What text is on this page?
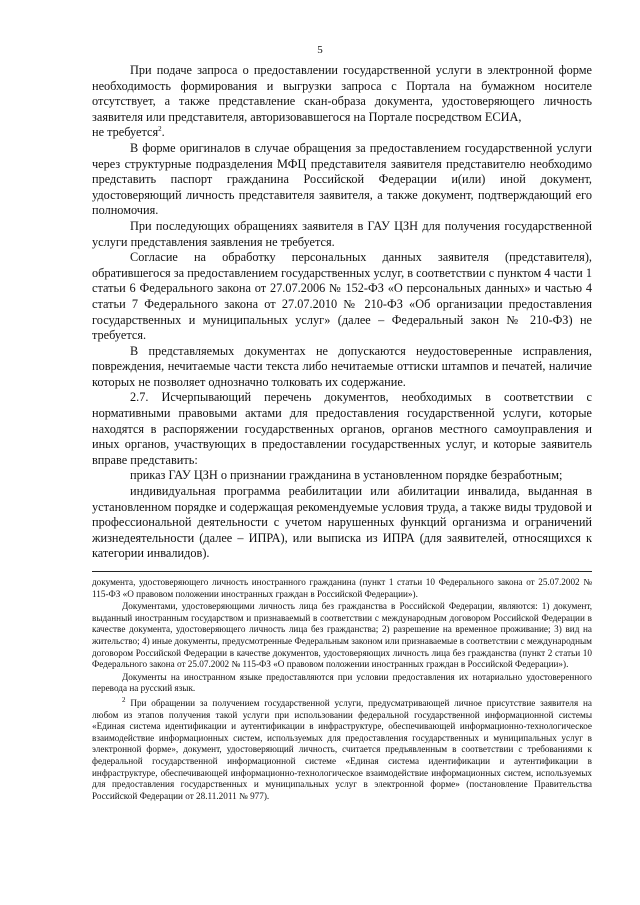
5

При подаче запроса о предоставлении государственной услуги в электронной форме необходимость формирования и выгрузки запроса с Портала на бумажном носителе отсутствует, а также представление скан-образа документа, удостоверяющего личность заявителя или представителя, авторизовавшегося на Портале посредством ЕСИА,

не требуется$^2$.

В форме оригиналов в случае обращения за предоставлением государственной услуги через структурные подразделения МФЦ представителя заявителя представителю необходимо представить паспорт гражданина Российской Федерации и(или) иной документ, удостоверяющий личность представителя заявителя, а также документ, подтверждающий его полномочия.

При последующих обращениях заявителя в ГАУ ЦЗН для получения государственной услуги представления заявления не требуется.

Согласие на обработку персональных данных заявителя (представителя), обратившегося за предоставлением государственных услуг, в соответствии с пунктом 4 части 1 статьи 6 Федерального закона от 27.07.2006 № 152-ФЗ «О персональных данных» и частью 4 статьи 7 Федерального закона от 27.07.2010 № 210-ФЗ «Об организации предоставления государственных и муниципальных услуг» (далее – Федеральный закон № 210-ФЗ) не требуется.

В представляемых документах не допускаются неудостоверенные исправления, повреждения, нечитаемые части текста либо нечитаемые оттиски штампов и печатей, наличие которых не позволяет однозначно толковать их содержание.

2.7. Исчерпывающий перечень документов, необходимых в соответствии с нормативными правовыми актами для предоставления государственной услуги, которые находятся в распоряжении государственных органов, органов местного самоуправления и иных органов, участвующих в предоставлении государственных услуг, и которые заявитель вправе представить:

приказ ГАУ ЦЗН о признании гражданина в установленном порядке безработным;

индивидуальная программа реабилитации или абилитации инвалида, выданная в установленном порядке и содержащая рекомендуемые условия труда, а также виды трудовой и профессиональной деятельности с учетом нарушенных функций организма и ограничений жизнедеятельности (далее – ИПРА), или выписка из ИПРА (для заявителей, относящихся к категории инвалидов).

документа, удостоверяющего личность иностранного гражданина (пункт 1 статьи 10 Федерального закона от 25.07.2002 № 115-ФЗ «О правовом положении иностранных граждан в Российской Федерации»).

Документами, удостоверяющими личность лица без гражданства в Российской Федерации, являются: 1) документ, выданный иностранным государством и признаваемый в соответствии с международным договором Российской Федерации в качестве документа, удостоверяющего личность лица без гражданства; 2) разрешение на временное проживание; 3) вид на жительство; 4) иные документы, предусмотренные Федеральным законом или признаваемые в соответствии с международным договором Российской Федерации в качестве документов, удостоверяющих личность лица без гражданства (пункт 2 статьи 10 Федерального закона от 25.07.2002 № 115-ФЗ «О правовом положении иностранных граждан в Российской Федерации»).

Документы на иностранном языке предоставляются при условии предоставления их нотариально удостоверенного перевода на русский язык.

$^2$ При обращении за получением государственной услуги, предусматривающей личное присутствие заявителя на любом из этапов получения такой услуги при использовании федеральной государственной информационной системы «Единая система идентификации и аутентификации в инфраструктуре, обеспечивающей информационно-технологическое взаимодействие информационных систем, используемых для предоставления государственных и муниципальных услуг в электронной форме», документ, удостоверяющий личность, считается предъявленным в соответствии с требованиями к федеральной государственной информационной системе «Единая система идентификации и аутентификации в инфраструктуре, обеспечивающей информационно-технологическое взаимодействие информационных систем, используемых для предоставления государственных и муниципальных услуг в электронной форме» (постановление Правительства Российской Федерации от 28.11.2011 № 977).
